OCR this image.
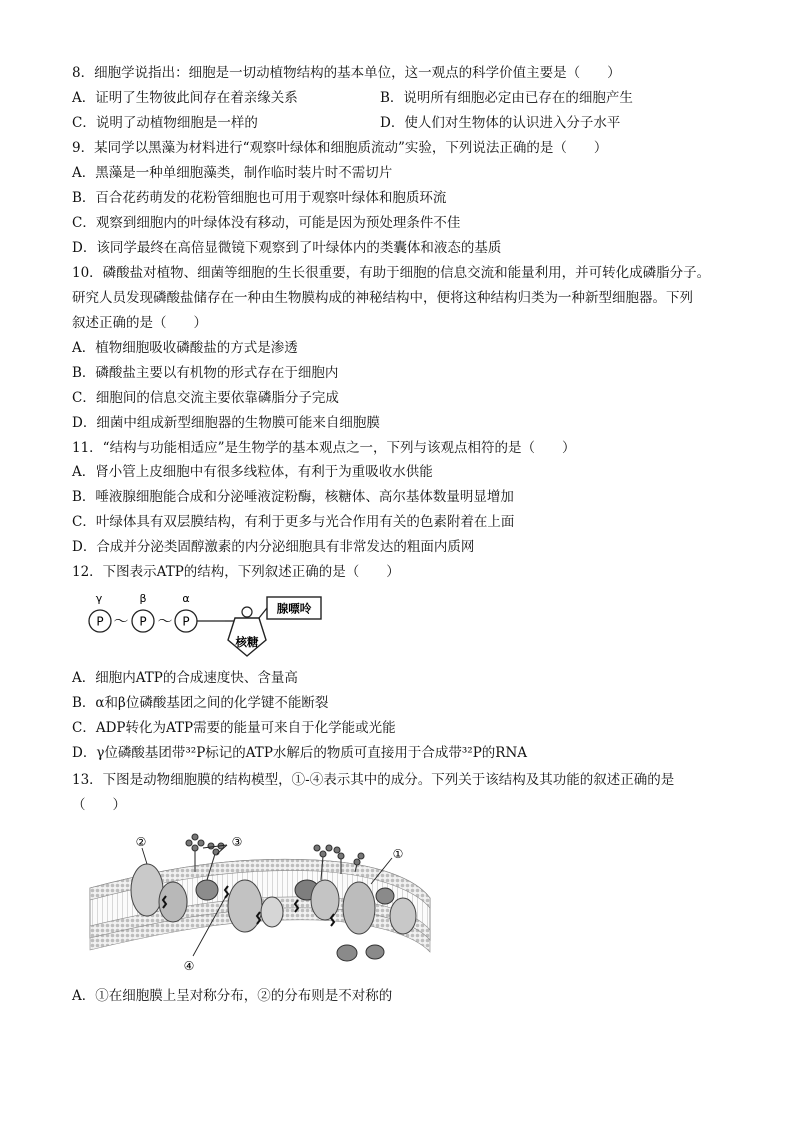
8．细胞学说指出：细胞是一切动植物结构的基本单位，这一观点的科学价值主要是（　　）
A．证明了生物彼此间存在着亲缘关系	B．说明所有细胞必定由已存在的细胞产生
C．说明了动植物细胞是一样的	D．使人们对生物体的认识进入分子水平
9．某同学以黑藻为材料进行“观察叶绿体和细胞质流动”实验，下列说法正确的是（　　）
A．黑藻是一种单细胞藻类，制作临时装片时不需切片
B．百合花药萌发的花粉管细胞也可用于观察叶绿体和胞质环流
C．观察到细胞内的叶绿体没有移动，可能是因为预处理条件不佳
D．该同学最终在高倍显微镜下观察到了叶绿体内的类囊体和液态的基质
10．磷酸盐对植物、细菌等细胞的生长很重要，有助于细胞的信息交流和能量利用，并可转化成磷脂分子。
研究人员发现磷酸盐储存在一种由生物膜构成的神秘结构中，便将这种结构归类为一种新型细胞器。下列
叙述正确的是（　　）
A．植物细胞吸收磷酸盐的方式是渗透
B．磷酸盐主要以有机物的形式存在于细胞内
C．细胞间的信息交流主要依靠磷脂分子完成
D．细菌中组成新型细胞器的生物膜可能来自细胞膜
11．“结构与功能相适应”是生物学的基本观点之一，下列与该观点相符的是（　　）
A．肾小管上皮细胞中有很多线粒体，有利于为重吸收水供能
B．唾液腺细胞能合成和分泌唾液淀粉酶，核糖体、高尔基体数量明显增加
C．叶绿体具有双层膜结构，有利于更多与光合作用有关的色素附着在上面
D．合成并分泌类固醇激素的内分泌细胞具有非常发达的粗面内质网
12．下图表示ATP的结构，下列叙述正确的是（　　）
γ	β	α
P ～ P ～ P
核糖
腺嘌呤
A．细胞内ATP的合成速度快、含量高
B．α和β位磷酸基团之间的化学键不能断裂
C．ADP转化为ATP需要的能量可来自于化学能或光能
D．γ位磷酸基团带³²P标记的ATP水解后的物质可直接用于合成带³²P的RNA
13．下图是动物细胞膜的结构模型，①-④表示其中的成分。下列关于该结构及其功能的叙述正确的是
（　　）
②	③
①
④
A．①在细胞膜上呈对称分布，②的分布则是不对称的
